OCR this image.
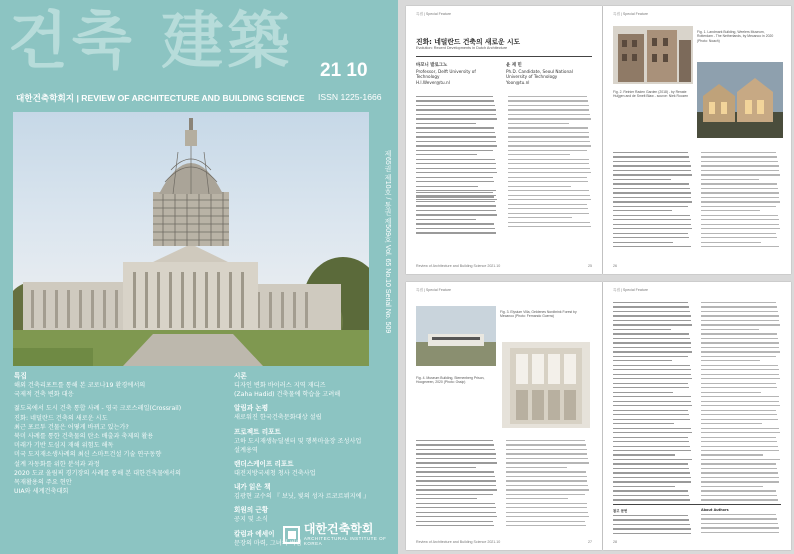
건축 建築 21 10
대한건축학회지 | REVIEW OF ARCHITECTURE AND BUILDING SCIENCE ISSN 1225-1666
제65권 제10호 / 통권 제509호 Vol. 65 No.10 Serial No. 509
특집
해외 건축리포트를 통해 본 코로나19 환경에서의
국제적 건축 변화 대응
젊도록에서 도시 건축 통합 사례 - 영국 크로스레일(Crossrail)
진화: 네덜란드 건축의 새로운 시도
최근 포르투 건물은 어떻게 바뀌고 있는가?
북미 사례를 통한 건축물의 탄소 배출과 축제의 활용
미래가 기반 도심지 재해 위험도 해독
미국 도지재소생사례의 최신 스마트건설 기술 연구동향
설계 자동화를 위한 분석과 과정
2020 도쿄 올림픽 경기장의 사례를 통해 본 대한건축물에서의
목재활용의 주요 현안
UIA와 세계건축대회
시론
디자인 변화 바이러스 지역 재디즈
(Zaha Hadid) 건축물에 학습을 고려해
알림과 논평
새로워진 한국건축문화대상 설립
프로젝트 리포트
고하 도시재생뉴딜센터 및 행복마을장 조성사업
설계용역
랜더스케이프 리포트
대전지방국세청 청사 건축사업
내가 읽은 책
김광현 교수의 『 보닛, 빛의 성자 르코르뷔지에 』
회원의 근황
공지 및 소식
칼럼과 에세이
문장의 마력, 그녀의 버럼
대한건축학회
ARCHITECTURAL INSTITUTE OF KOREA
특집 | Special Feature
진화: 네덜란드 건축의 새로운 시도
Evolution: Recent Developments in Dutch Architecture
바꼬니 발로그노
Professor, Delft University of Technology
H.l.Wever@tu.nl
윤 재 민
Ph.D. Candidate, Seoul National University of Technology
Yoon@tu.nl
Review of Architecture and Building Science 2021.10	25
특집 | Special Feature
Fig. 1. Landmark Building, Weelers Museum, Rotterdam - The Netherlands, by Mecanoo in 2020 (Photo: Noach)
Fig. 2. Reinier Raden Garden (2018) - by Renate Huijgen and de Smelt Blaw - source: Niek Roozen
26
특집 | Special Feature
Fig. 3. Elysium Villa, Geldenes Nordbrink Forest by Mecanoo (Photo: Fernando Guerra)
Fig. 4. Museum Building, Sternenberg Prison, Hoogeveen, 2020 (Photo: Ossip)
Review of Architecture and Building Science 2021.10	27
특집 | Special Feature
참고 문헌	About Authors
28
